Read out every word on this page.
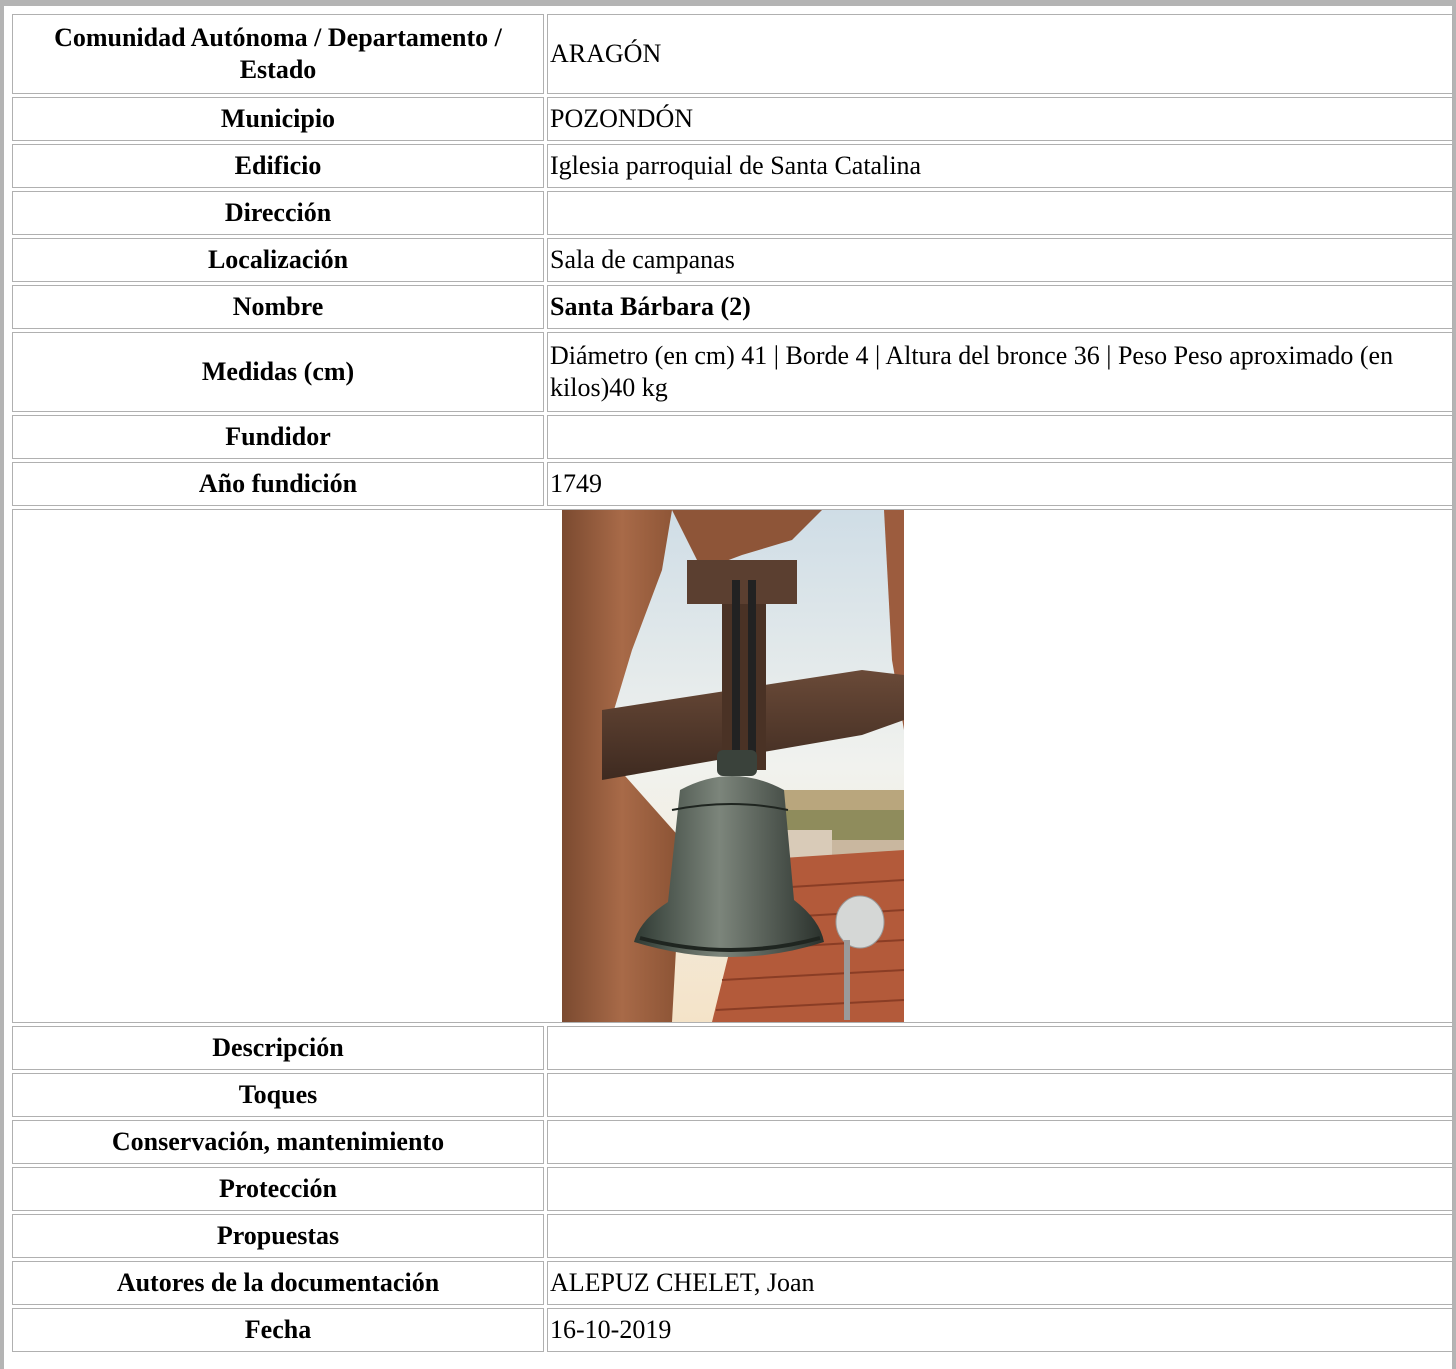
Comunidad Autónoma / Departamento / Estado	ARAGÓN
Municipio	POZONDÓN
Edificio	Iglesia parroquial de Santa Catalina
Dirección	
Localización	Sala de campanas
Nombre	Santa Bárbara (2)
Medidas (cm)	Diámetro (en cm) 41 | Borde 4 | Altura del bronce 36 | Peso Peso aproximado (en kilos)40 kg
Fundidor	
Año fundición	1749

Descripción	
Toques	
Conservación, mantenimiento	
Protección	
Propuestas	
Autores de la documentación	ALEPUZ CHELET, Joan
Fecha	16-10-2019
